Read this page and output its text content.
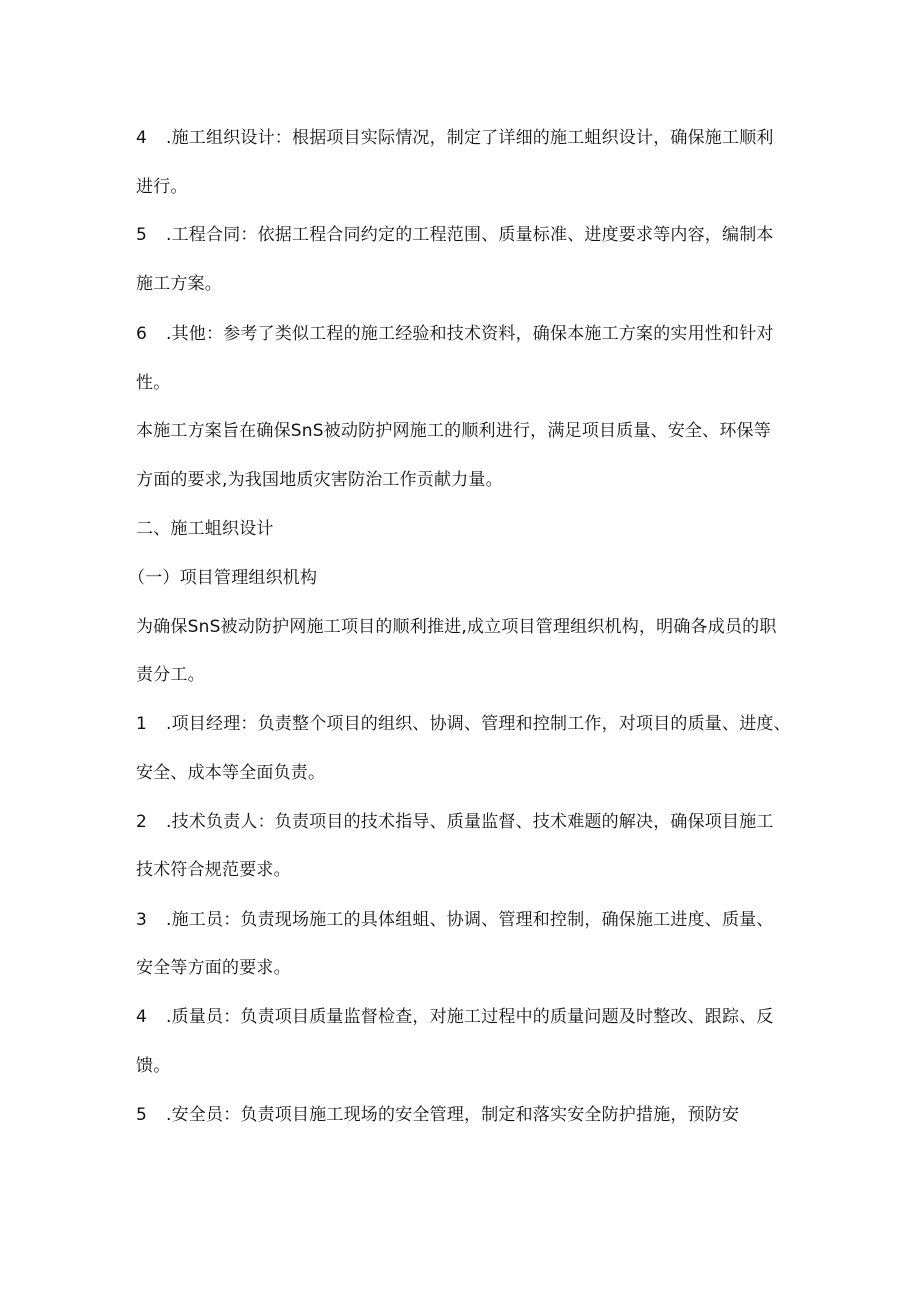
4 .施工组织设计：根据项目实际情况，制定了详细的施工蛆织设计，确保施工顺利
进行。
5 .工程合同：依据工程合同约定的工程范围、质量标准、进度要求等内容，编制本
施工方案。
6 .其他：参考了类似工程的施工经验和技术资料，确保本施工方案的实用性和针对
性。
本施工方案旨在确保SnS被动防护网施工的顺利进行，满足项目质量、安全、环保等
方面的要求,为我国地质灾害防治工作贡献力量。
二、施工蛆织设计
（一）项目管理组织机构
为确保SnS被动防护网施工项目的顺利推进,成立项目管理组织机构，明确各成员的职
责分工。
1 .项目经理：负责整个项目的组织、协调、管理和控制工作，对项目的质量、进度、
安全、成本等全面负责。
2 .技术负责人：负责项目的技术指导、质量监督、技术难题的解决，确保项目施工
技术符合规范要求。
3 .施工员：负责现场施工的具体组蛆、协调、管理和控制，确保施工进度、质量、
安全等方面的要求。
4 .质量员：负责项目质量监督检查，对施工过程中的质量问题及时整改、跟踪、反
馈。
5 .安全员：负责项目施工现场的安全管理，制定和落实安全防护措施，预防安
